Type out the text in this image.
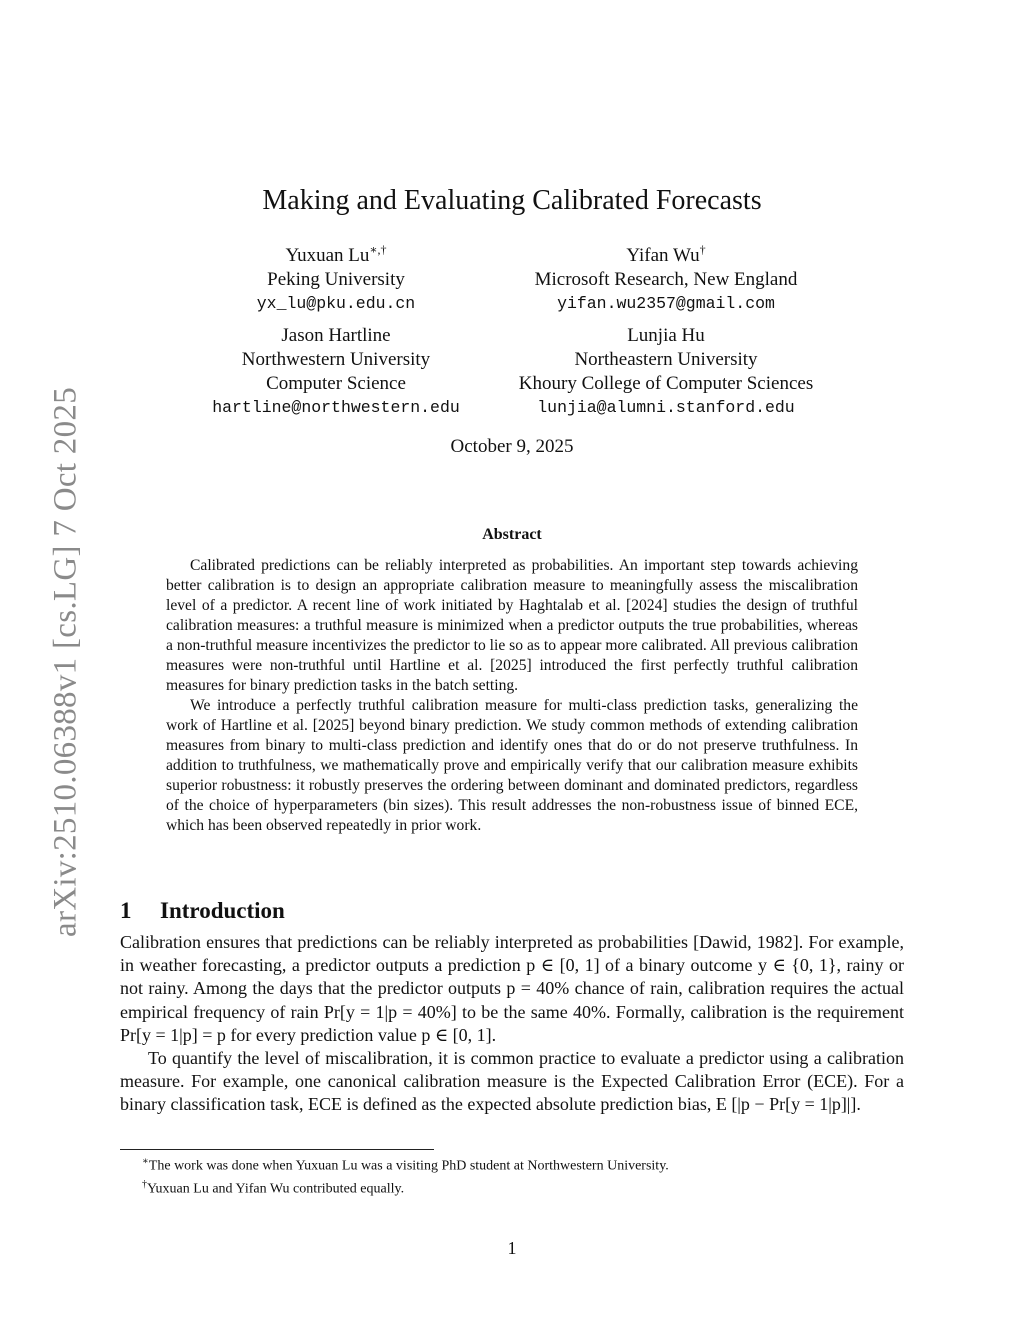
arXiv:2510.06388v1 [cs.LG] 7 Oct 2025
Making and Evaluating Calibrated Forecasts
Yuxuan Lu∗,†
Peking University
yx_lu@pku.edu.cn
Yifan Wu†
Microsoft Research, New England
yifan.wu2357@gmail.com
Jason Hartline
Northwestern University
Computer Science
hartline@northwestern.edu
Lunjia Hu
Northeastern University
Khoury College of Computer Sciences
lunjia@alumni.stanford.edu
October 9, 2025
Abstract

Calibrated predictions can be reliably interpreted as probabilities. An important step towards achieving better calibration is to design an appropriate calibration measure to meaningfully assess the miscalibration level of a predictor. A recent line of work initiated by Haghtalab et al. [2024] studies the design of truthful calibration measures: a truthful measure is minimized when a predictor outputs the true probabilities, whereas a non-truthful measure incentivizes the predictor to lie so as to appear more calibrated. All previous calibration measures were non-truthful until Hartline et al. [2025] introduced the first perfectly truthful calibration measures for binary prediction tasks in the batch setting.

We introduce a perfectly truthful calibration measure for multi-class prediction tasks, generalizing the work of Hartline et al. [2025] beyond binary prediction. We study common methods of extending calibration measures from binary to multi-class prediction and identify ones that do or do not preserve truthfulness. In addition to truthfulness, we mathematically prove and empirically verify that our calibration measure exhibits superior robustness: it robustly preserves the ordering between dominant and dominated predictors, regardless of the choice of hyperparameters (bin sizes). This result addresses the non-robustness issue of binned ECE, which has been observed repeatedly in prior work.

1 Introduction

Calibration ensures that predictions can be reliably interpreted as probabilities [Dawid, 1982]. For example, in weather forecasting, a predictor outputs a prediction p ∈ [0, 1] of a binary outcome y ∈ {0, 1}, rainy or not rainy. Among the days that the predictor outputs p = 40% chance of rain, calibration requires the actual empirical frequency of rain Pr[y = 1|p = 40%] to be the same 40%. Formally, calibration is the requirement Pr[y = 1|p] = p for every prediction value p ∈ [0, 1].

To quantify the level of miscalibration, it is common practice to evaluate a predictor using a calibration measure. For example, one canonical calibration measure is the Expected Calibration Error (ECE). For a binary classification task, ECE is defined as the expected absolute prediction bias, E [|p − Pr[y = 1|p]|].

∗The work was done when Yuxuan Lu was a visiting PhD student at Northwestern University.
†Yuxuan Lu and Yifan Wu contributed equally.
1
